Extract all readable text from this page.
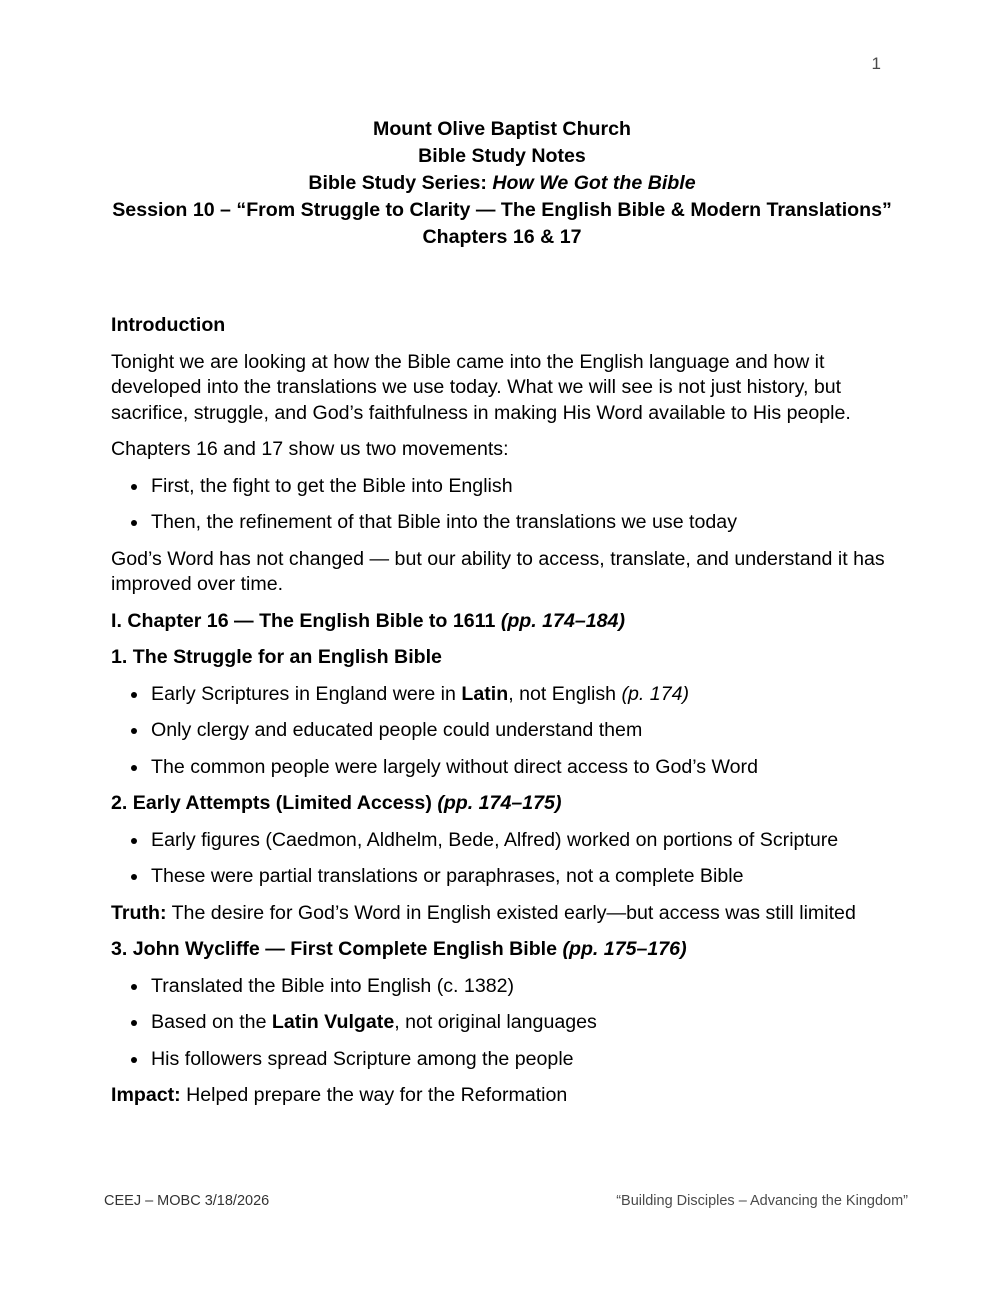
1
Mount Olive Baptist Church
Bible Study Notes
Bible Study Series: How We Got the Bible
Session 10 – “From Struggle to Clarity — The English Bible & Modern Translations”
Chapters 16 & 17
Introduction
Tonight we are looking at how the Bible came into the English language and how it developed into the translations we use today. What we will see is not just history, but sacrifice, struggle, and God’s faithfulness in making His Word available to His people.
Chapters 16 and 17 show us two movements:
First, the fight to get the Bible into English
Then, the refinement of that Bible into the translations we use today
God’s Word has not changed — but our ability to access, translate, and understand it has improved over time.
I. Chapter 16 — The English Bible to 1611 (pp. 174–184)
1. The Struggle for an English Bible
Early Scriptures in England were in Latin, not English (p. 174)
Only clergy and educated people could understand them
The common people were largely without direct access to God’s Word
2. Early Attempts (Limited Access) (pp. 174–175)
Early figures (Caedmon, Aldhelm, Bede, Alfred) worked on portions of Scripture
These were partial translations or paraphrases, not a complete Bible
Truth: The desire for God’s Word in English existed early—but access was still limited
3. John Wycliffe — First Complete English Bible (pp. 175–176)
Translated the Bible into English (c. 1382)
Based on the Latin Vulgate, not original languages
His followers spread Scripture among the people
Impact: Helped prepare the way for the Reformation
CEEJ – MOBC 3/18/2026	“Building Disciples – Advancing the Kingdom”
